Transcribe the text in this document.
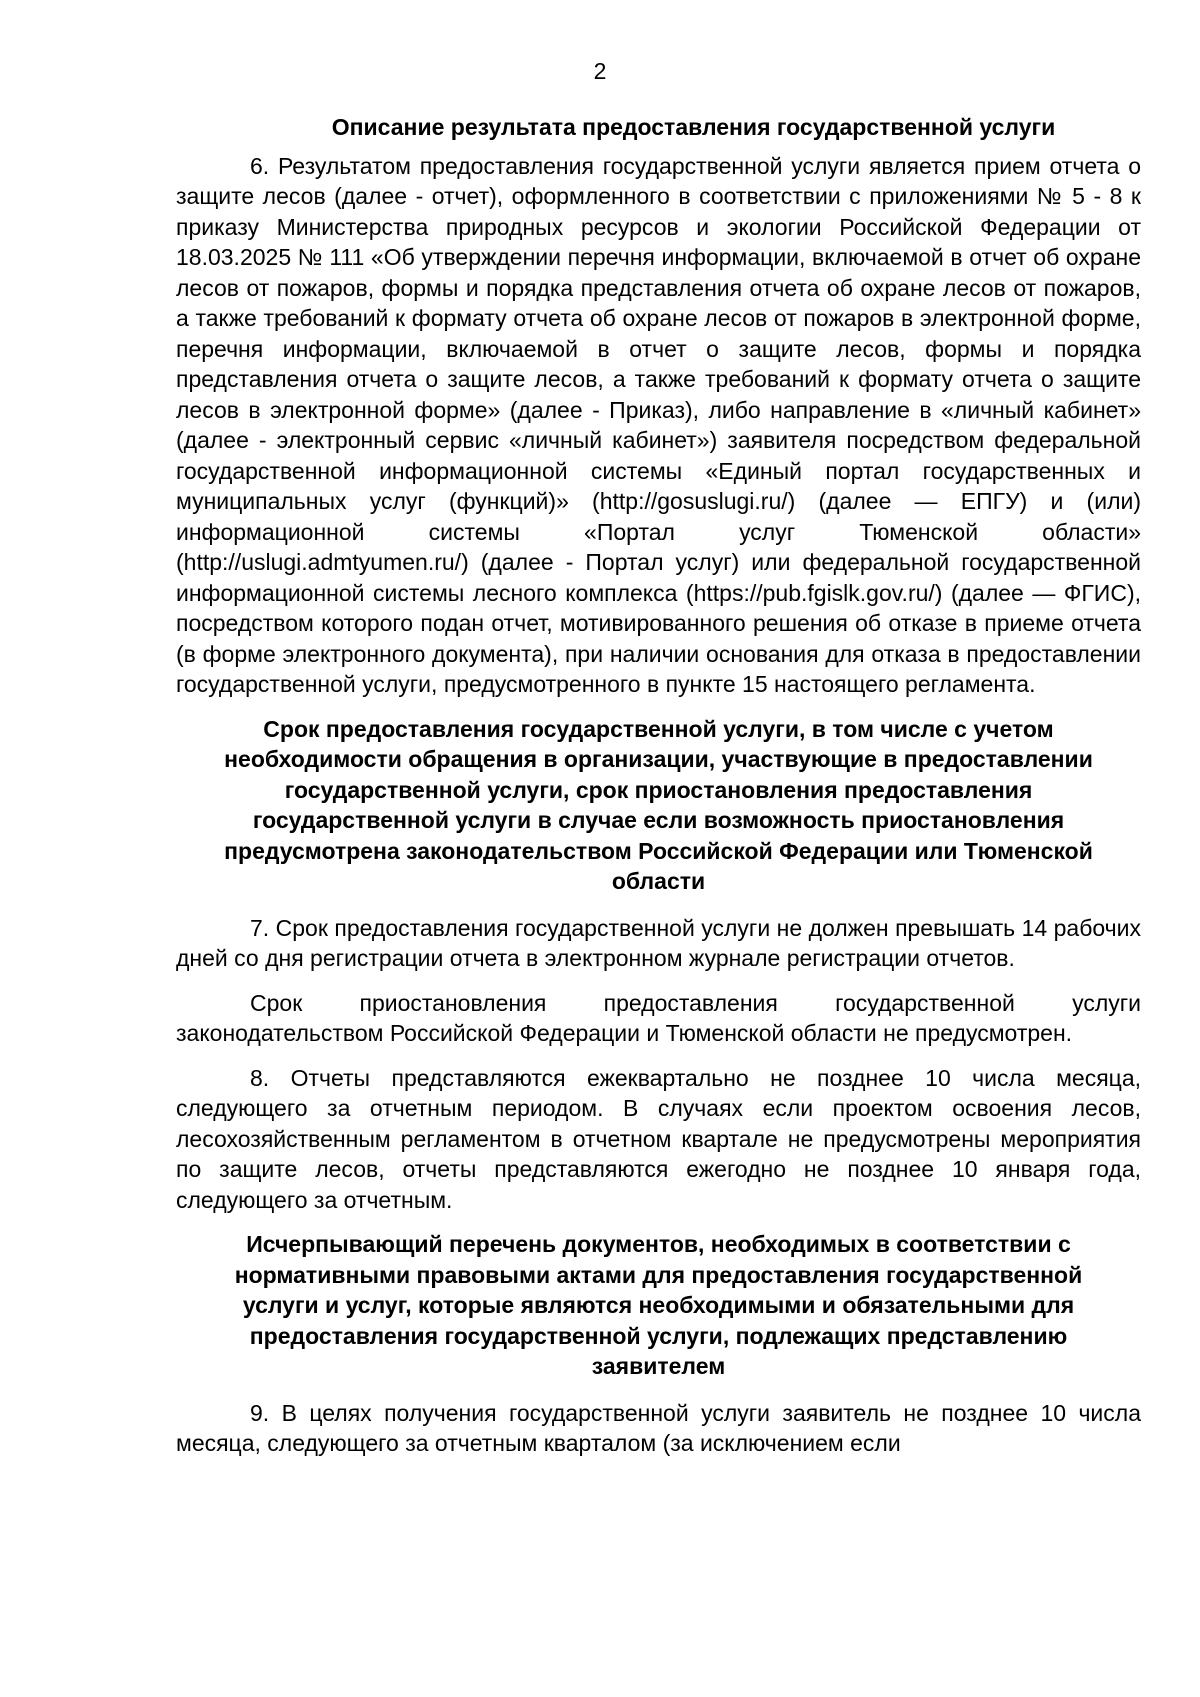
2
Описание результата предоставления государственной услуги

6. Результатом предоставления государственной услуги является прием отчета о защите лесов (далее - отчет), оформленного в соответствии с приложениями № 5 - 8 к приказу Министерства природных ресурсов и экологии Российской Федерации от 18.03.2025 № 111 «Об утверждении перечня информации, включаемой в отчет об охране лесов от пожаров, формы и порядка представления отчета об охране лесов от пожаров, а также требований к формату отчета об охране лесов от пожаров в электронной форме, перечня информации, включаемой в отчет о защите лесов, формы и порядка представления отчета о защите лесов, а также требований к формату отчета о защите лесов в электронной форме» (далее - Приказ), либо направление в «личный кабинет» (далее - электронный сервис «личный кабинет») заявителя посредством федеральной государственной информационной системы «Единый портал государственных и муниципальных услуг (функций)» (http://gosuslugi.ru/) (далее — ЕПГУ) и (или) информационной системы «Портал услуг Тюменской области» (http://uslugi.admtyumen.ru/) (далее - Портал услуг) или федеральной государственной информационной системы лесного комплекса (https://pub.fgislk.gov.ru/) (далее — ФГИС), посредством которого подан отчет, мотивированного решения об отказе в приеме отчета (в форме электронного документа), при наличии основания для отказа в предоставлении государственной услуги, предусмотренного в пункте 15 настоящего регламента.

Срок предоставления государственной услуги, в том числе с учетом необходимости обращения в организации, участвующие в предоставлении государственной услуги, срок приостановления предоставления государственной услуги в случае если возможность приостановления предусмотрена законодательством Российской Федерации или Тюменской области

7. Срок предоставления государственной услуги не должен превышать 14 рабочих дней со дня регистрации отчета в электронном журнале регистрации отчетов.

Срок приостановления предоставления государственной услуги законодательством Российской Федерации и Тюменской области не предусмотрен.

8. Отчеты представляются ежеквартально не позднее 10 числа месяца, следующего за отчетным периодом. В случаях если проектом освоения лесов, лесохозяйственным регламентом в отчетном квартале не предусмотрены мероприятия по защите лесов, отчеты представляются ежегодно не позднее 10 января года, следующего за отчетным.

Исчерпывающий перечень документов, необходимых в соответствии с нормативными правовыми актами для предоставления государственной услуги и услуг, которые являются необходимыми и обязательными для предоставления государственной услуги, подлежащих представлению заявителем

9. В целях получения государственной услуги заявитель не позднее 10 числа месяца, следующего за отчетным кварталом (за исключением если
